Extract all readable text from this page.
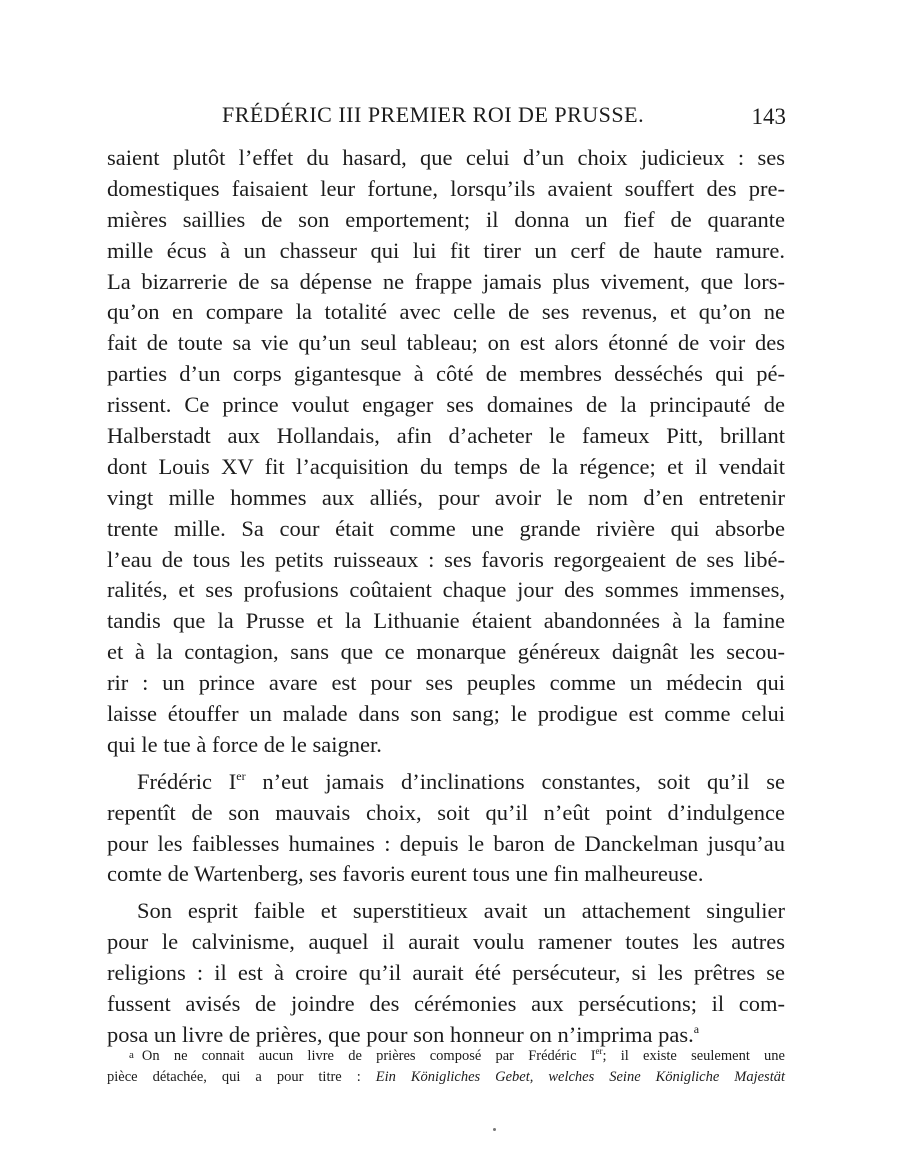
FRÉDÉRIC III PREMIER ROI DE PRUSSE.	143
saient plutôt l’effet du hasard, que celui d’un choix judicieux : ses
domestiques faisaient leur fortune, lorsqu’ils avaient souffert des pre-
mières saillies de son emportement; il donna un fief de quarante
mille écus à un chasseur qui lui fit tirer un cerf de haute ramure.
La bizarrerie de sa dépense ne frappe jamais plus vivement, que lors-
qu’on en compare la totalité avec celle de ses revenus, et qu’on ne
fait de toute sa vie qu’un seul tableau; on est alors étonné de voir des
parties d’un corps gigantesque à côté de membres desséchés qui pé-
rissent. Ce prince voulut engager ses domaines de la principauté de
Halberstadt aux Hollandais, afin d’acheter le fameux Pitt, brillant
dont Louis XV fit l’acquisition du temps de la régence; et il vendait
vingt mille hommes aux alliés, pour avoir le nom d’en entretenir
trente mille. Sa cour était comme une grande rivière qui absorbe
l’eau de tous les petits ruisseaux : ses favoris regorgeaient de ses libé-
ralités, et ses profusions coûtaient chaque jour des sommes immenses,
tandis que la Prusse et la Lithuanie étaient abandonnées à la famine
et à la contagion, sans que ce monarque généreux daignât les secou-
rir : un prince avare est pour ses peuples comme un médecin qui
laisse étouffer un malade dans son sang; le prodigue est comme celui
qui le tue à force de le saigner.
Frédéric Ier n’eut jamais d’inclinations constantes, soit qu’il se
repentît de son mauvais choix, soit qu’il n’eût point d’indulgence
pour les faiblesses humaines : depuis le baron de Danckelman jusqu’au
comte de Wartenberg, ses favoris eurent tous une fin malheureuse.
Son esprit faible et superstitieux avait un attachement singulier
pour le calvinisme, auquel il aurait voulu ramener toutes les autres
religions : il est à croire qu’il aurait été persécuteur, si les prêtres se
fussent avisés de joindre des cérémonies aux persécutions; il com-
posa un livre de prières, que pour son honneur on n’imprima pas.$^a$
a On ne connait aucun livre de prières composé par Frédéric Ier; il existe seulement une
pièce détachée, qui a pour titre : Ein Königliches Gebet, welches Seine Königliche Majestät
